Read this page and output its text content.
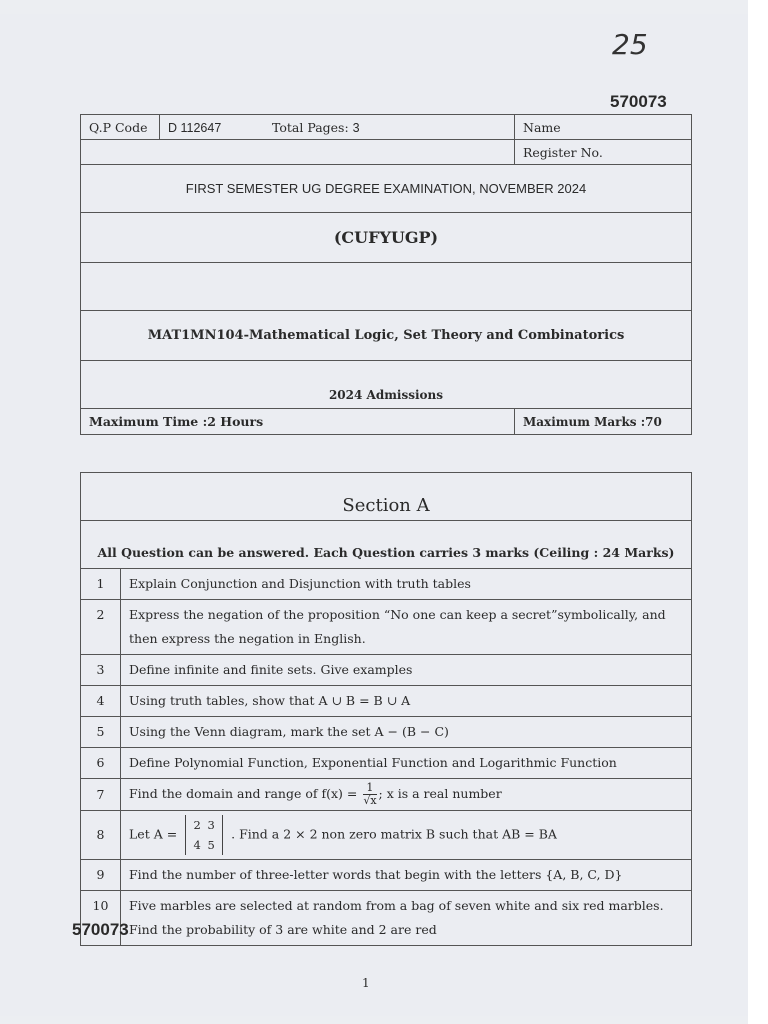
25
570073
Q.P Code	D 112647 Total Pages: 3		Name
			Register No.
FIRST SEMESTER UG DEGREE EXAMINATION, NOVEMBER 2024			
(CUFYUGP)			

MAT1MN104-Mathematical Logic, Set Theory and Combinatorics			
2024 Admissions			
Maximum Time :2 Hours			Maximum Marks :70
Section A	
All Question can be answered. Each Question carries 3 marks (Ceiling : 24 Marks)	
1	Explain Conjunction and Disjunction with truth tables
2	Express the negation of the proposition “No one can keep a secret”symbolically, and then express the negation in English.
3	Define infinite and finite sets. Give examples
4	Using truth tables, show that A ∪ B = B ∪ A
5	Using the Venn diagram, mark the set A − (B − C)
6	Define Polynomial Function, Exponential Function and Logarithmic Function
7	Find the domain and range of $f(x) = \frac{1}{√x}$ ; x is a real number
8	Let A = 2 3
4 5 . Find a 2 × 2 non zero matrix B such that AB = BA
9	Find the number of three-letter words that begin with the letters {A, B, C, D}
10	Five marbles are selected at random from a bag of seven white and six red marbles. Find the probability of 3 are white and 2 are red
570073
1
